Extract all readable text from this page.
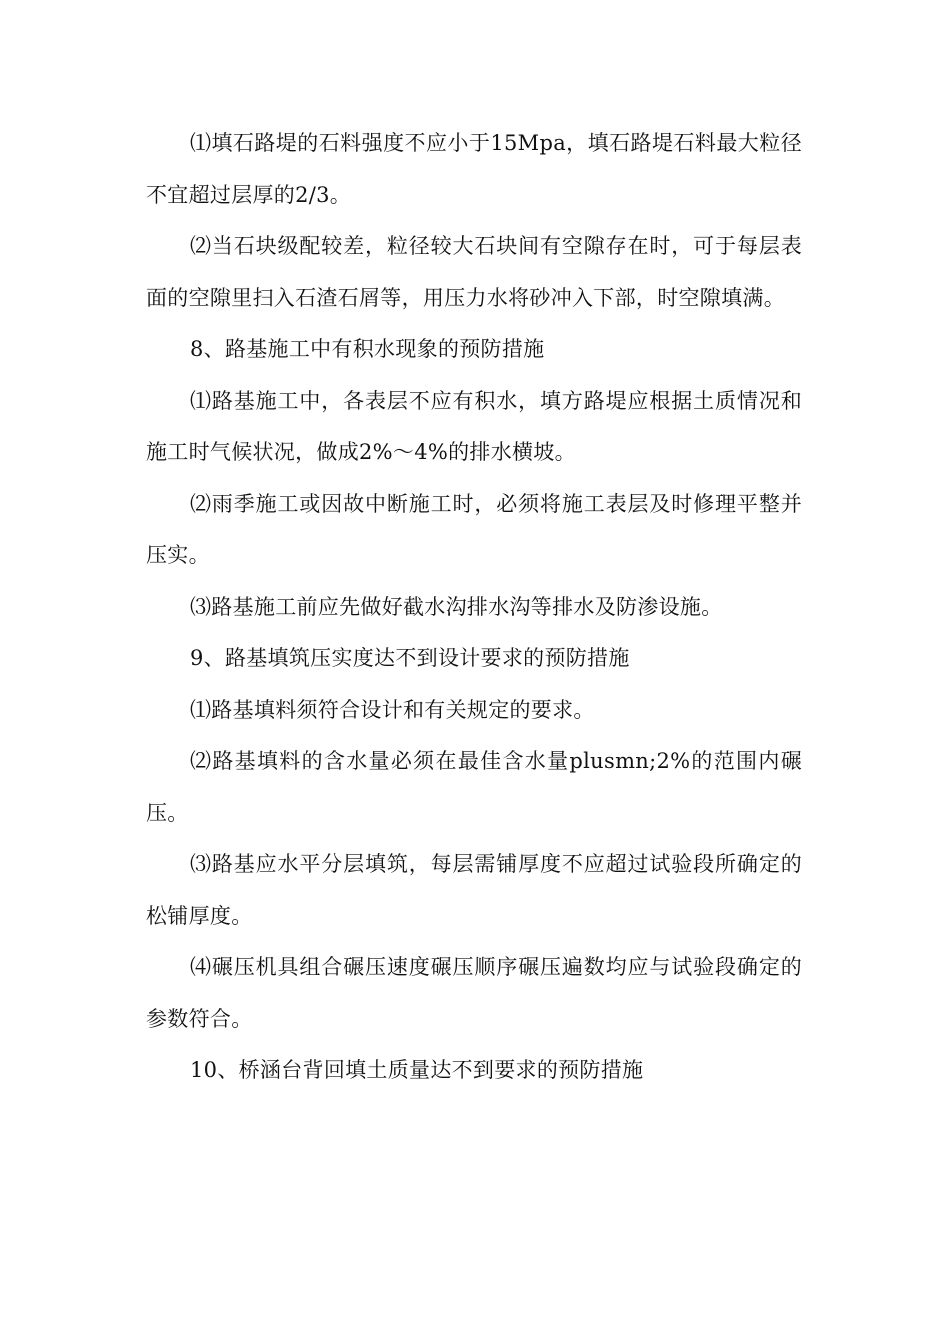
⑴填石路堤的石料强度不应小于15Mpa，填石路堤石料最大粒径不宜超过层厚的2/3。

⑵当石块级配较差，粒径较大石块间有空隙存在时，可于每层表面的空隙里扫入石渣石屑等，用压力水将砂冲入下部，时空隙填满。

8、路基施工中有积水现象的预防措施

⑴路基施工中，各表层不应有积水，填方路堤应根据土质情况和施工时气候状况，做成2%～4%的排水横坡。

⑵雨季施工或因故中断施工时，必须将施工表层及时修理平整并压实。

⑶路基施工前应先做好截水沟排水沟等排水及防渗设施。

9、路基填筑压实度达不到设计要求的预防措施

⑴路基填料须符合设计和有关规定的要求。

⑵路基填料的含水量必须在最佳含水量plusmn;2%的范围内碾压。

⑶路基应水平分层填筑，每层需铺厚度不应超过试验段所确定的松铺厚度。

⑷碾压机具组合碾压速度碾压顺序碾压遍数均应与试验段确定的参数符合。

10、桥涵台背回填土质量达不到要求的预防措施
